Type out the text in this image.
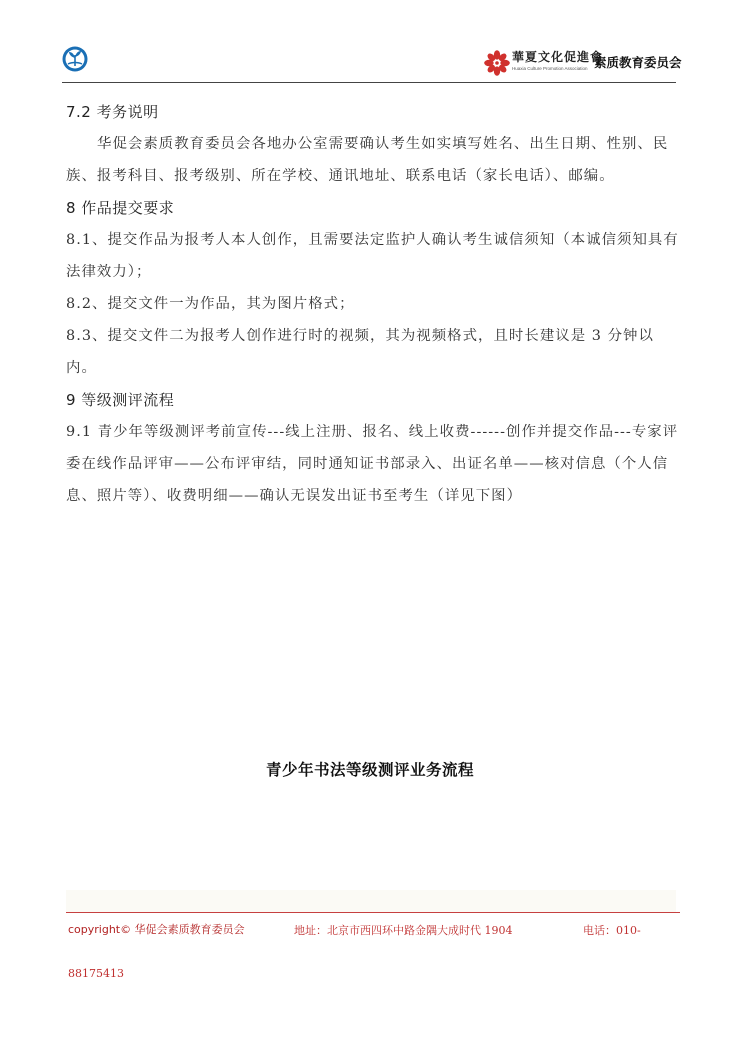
華夏文化促進會
Huaxia Culture Promotion Association 素质教育委员会

7.2 考务说明

华促会素质教育委员会各地办公室需要确认考生如实填写姓名、出生日期、性别、民族、报考科目、报考级别、所在学校、通讯地址、联系电话（家长电话）、邮编。

8 作品提交要求

8.1、提交作品为报考人本人创作，且需要法定监护人确认考生诚信须知（本诚信须知具有法律效力）；

8.2、提交文件一为作品，其为图片格式；

8.3、提交文件二为报考人创作进行时的视频，其为视频格式，且时长建议是 3 分钟以内。

9 等级测评流程

9.1 青少年等级测评考前宣传---线上注册、报名、线上收费------创作并提交作品---专家评委在线作品评审——公布评审结，同时通知证书部录入、出证名单——核对信息（个人信息、照片等）、收费明细——确认无误发出证书至考生（详见下图）

青少年书法等级测评业务流程
copyright© 华促会素质教育委员会	地址：北京市西四环中路金隅大成时代 1904	电话：010-
88175413
